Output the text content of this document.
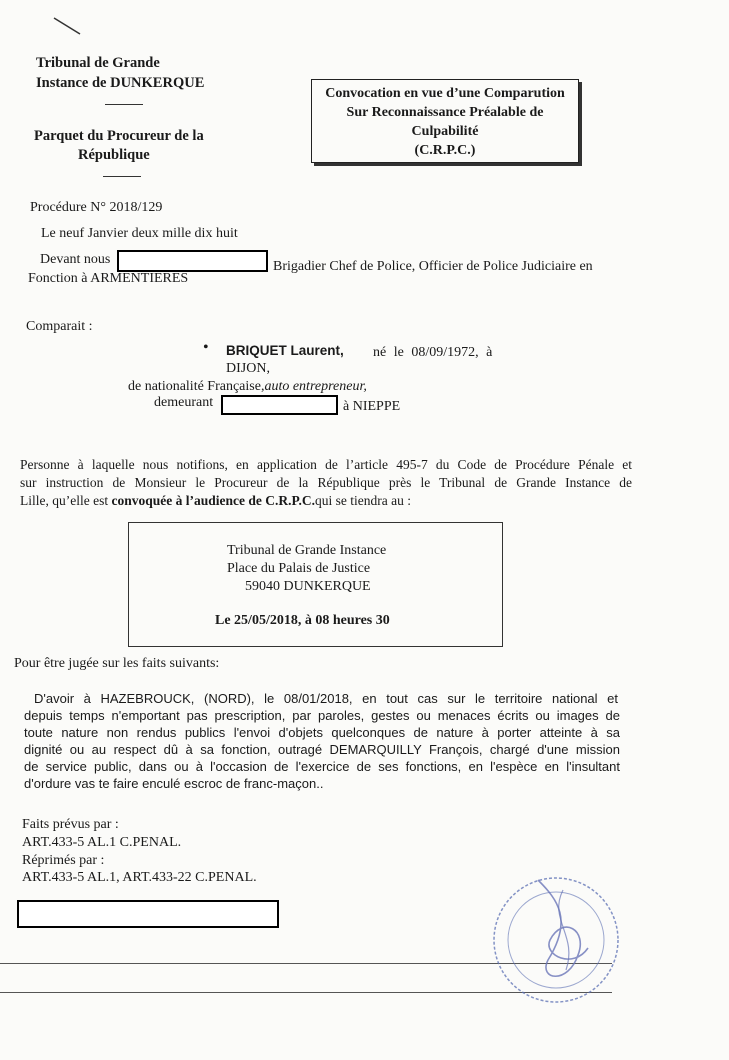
Tribunal de Grande
Instance de DUNKERQUE
Parquet du Procureur de la
République
Convocation en vue d’une Comparution
Sur Reconnaissance Préalable de
Culpabilité
(C.R.P.C.)
Procédure N° 2018/129
Le neuf Janvier deux mille dix huit
Devant nous	Brigadier Chef de Police, Officier de Police Judiciaire en
Fonction à ARMENTIERES
Comparait :
• BRIQUET Laurent, né le 08/09/1972, à
DIJON,
de nationalité Française,auto entrepreneur,
demeurant	à NIEPPE
Personne à laquelle nous notifions, en application de l’article 495-7 du Code de Procédure Pénale et
sur instruction de Monsieur le Procureur de la République près le Tribunal de Grande Instance de
Lille, qu’elle est convoquée à l’audience de C.R.P.C.qui se tiendra au :
Tribunal de Grande Instance
Place du Palais de Justice
59040 DUNKERQUE
Le 25/05/2018, à 08 heures 30
Pour être jugée sur les faits suivants:
D'avoir à HAZEBROUCK, (NORD), le 08/01/2018, en tout cas sur le territoire national et
depuis temps n'emportant pas prescription, par paroles, gestes ou menaces écrits ou images de
toute nature non rendus publics l'envoi d'objets quelconques de nature à porter atteinte à sa
dignité ou au respect dû à sa fonction, outragé DEMARQUILLY François, chargé d'une mission
de service public, dans ou à l'occasion de l'exercice de ses fonctions, en l'espèce en l'insultant
d'ordure vas te faire enculé escroc de franc-maçon..
Faits prévus par :
ART.433-5 AL.1 C.PENAL.
Réprimés par :
ART.433-5 AL.1, ART.433-22 C.PENAL.
